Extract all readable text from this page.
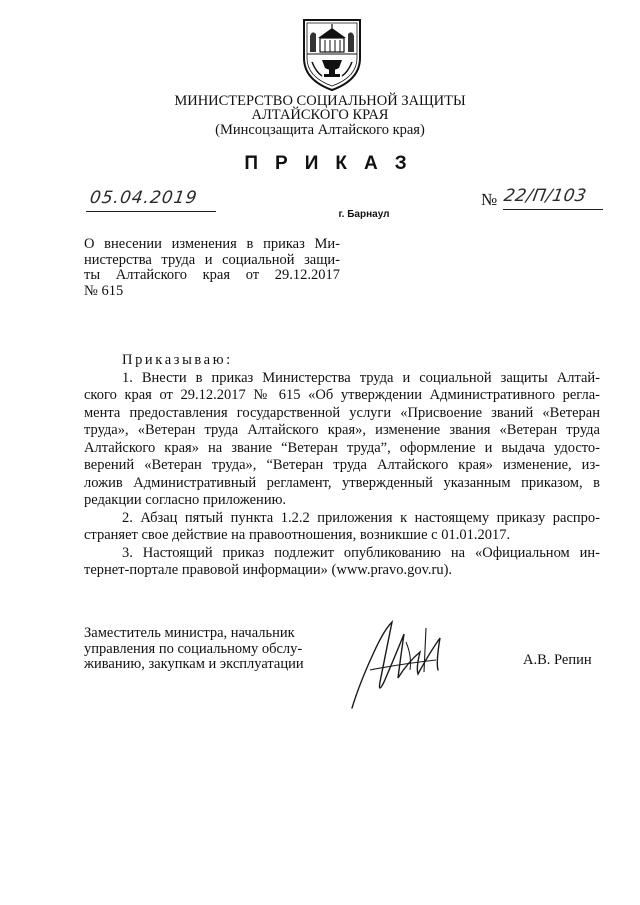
МИНИСТЕРСТВО СОЦИАЛЬНОЙ ЗАЩИТЫ
АЛТАЙСКОГО КРАЯ
(Минсоцзащита Алтайского края)
ПРИКАЗ
05.04.2019	№ 22/П/103
г. Барнаул
О внесении изменения в приказ Ми-
нистерства труда и социальной защи-
ты Алтайского края от 29.12.2017
№ 615
Приказываю:
1. Внести в приказ Министерства труда и социальной защиты Алтай-
ского края от 29.12.2017 № 615 «Об утверждении Административного регла-
мента предоставления государственной услуги «Присвоение званий «Ветеран
труда», «Ветеран труда Алтайского края», изменение звания «Ветеран труда
Алтайского края» на звание “Ветеран труда”, оформление и выдача удосто-
верений «Ветеран труда», “Ветеран труда Алтайского края» изменение, из-
ложив Административный регламент, утвержденный указанным приказом, в
редакции согласно приложению.
2. Абзац пятый пункта 1.2.2 приложения к настоящему приказу распро-
страняет свое действие на правоотношения, возникшие с 01.01.2017.
3. Настоящий приказ подлежит опубликованию на «Официальном ин-
тернет-портале правовой информации» (www.pravo.gov.ru).
Заместитель министра, начальник
управления по социальному обслу-
живанию, закупкам и эксплуатации	А.В. Репин
